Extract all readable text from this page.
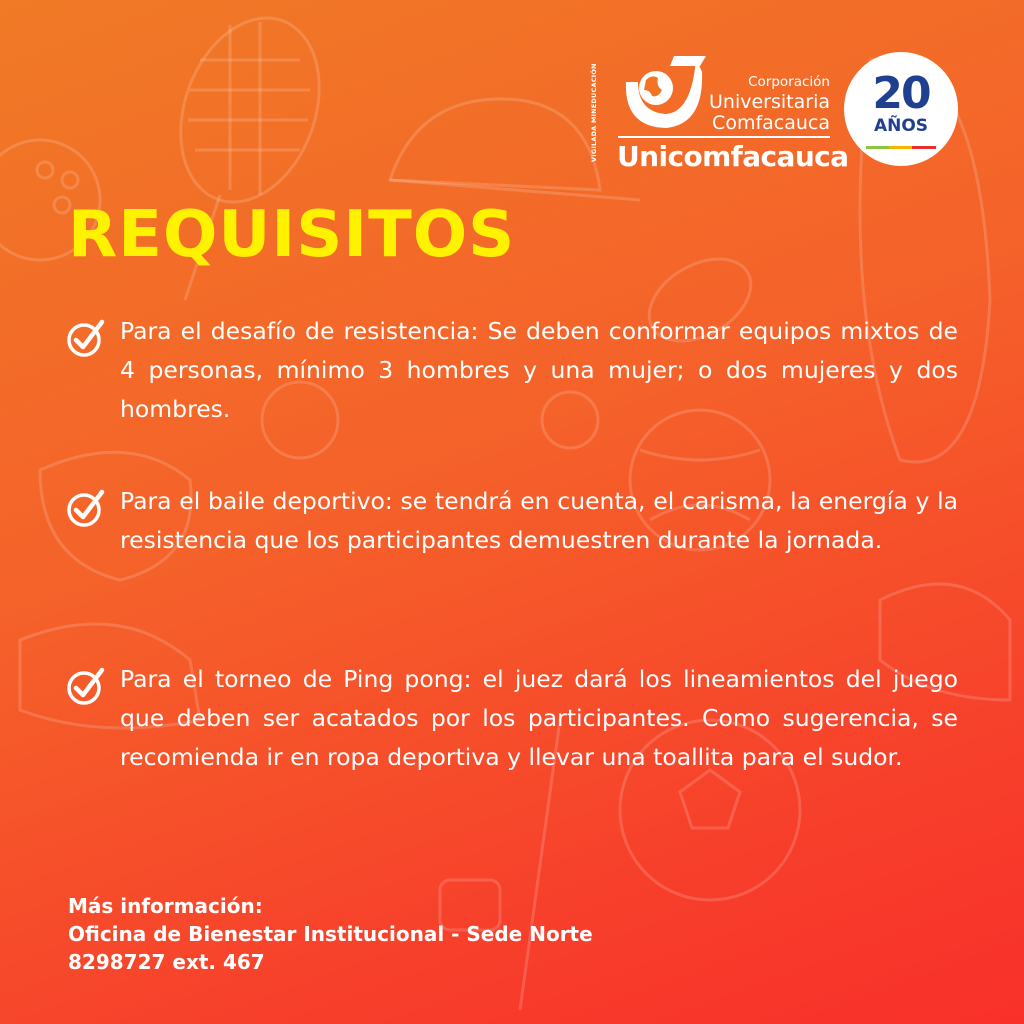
VIGILADA MINEDUCACIÓN	Corporación
Universitaria
Comfacauca
Unicomfacauca
20
AÑOS
REQUISITOS

Para el desafío de resistencia: Se deben conformar equipos mixtos de 4 personas, mínimo 3 hombres y una mujer; o dos mujeres y dos hombres.

Para el baile deportivo: se tendrá en cuenta, el carisma, la energía y la resistencia que los participantes demuestren durante la jornada.

Para el torneo de Ping pong: el juez dará los lineamientos del juego que deben ser acatados por los participantes. Como sugerencia, se recomienda ir en ropa deportiva y llevar una toallita para el sudor.

Más información:
Oficina de Bienestar Institucional - Sede Norte
8298727 ext. 467
